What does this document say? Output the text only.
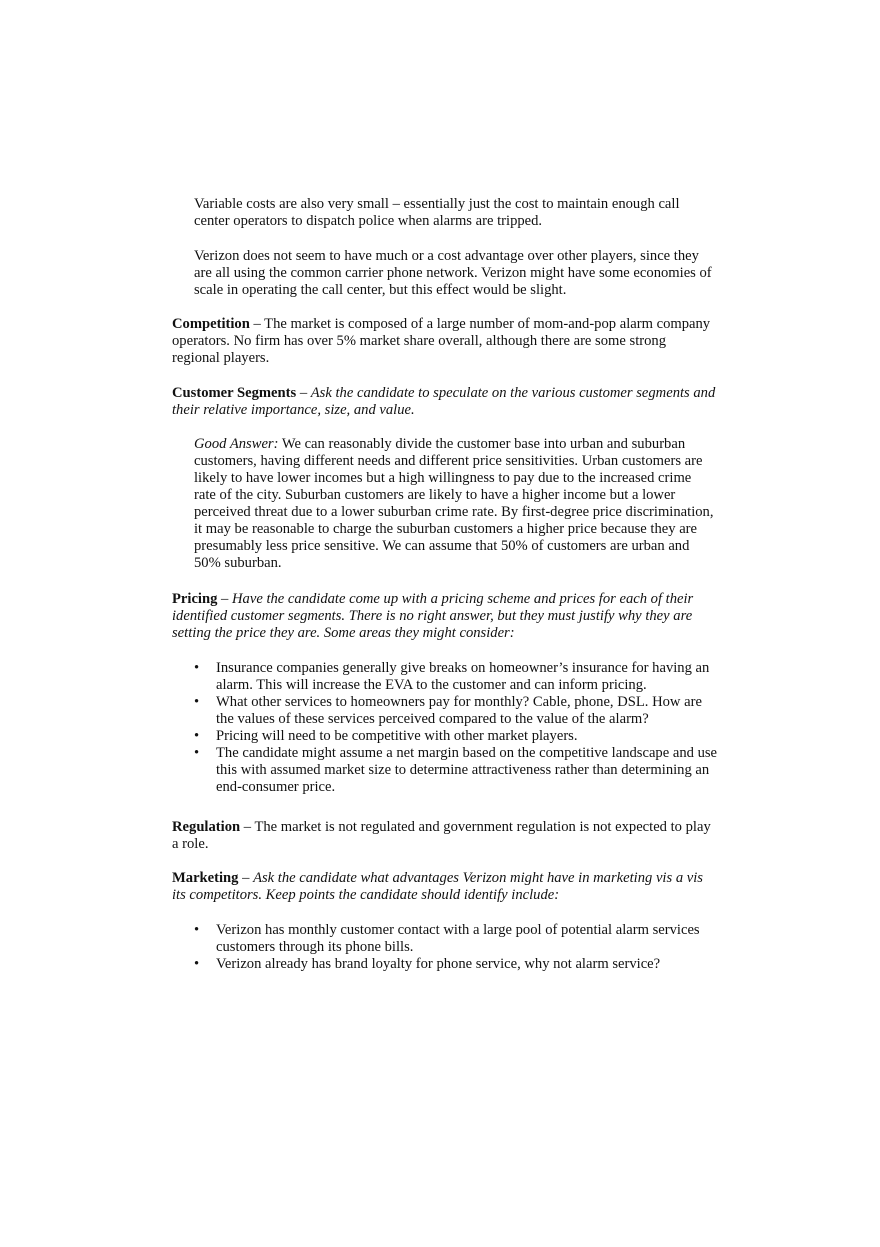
Variable costs are also very small – essentially just the cost to maintain enough call center operators to dispatch police when alarms are tripped.

Verizon does not seem to have much or a cost advantage over other players, since they are all using the common carrier phone network. Verizon might have some economies of scale in operating the call center, but this effect would be slight.

Competition – The market is composed of a large number of mom-and-pop alarm company operators. No firm has over 5% market share overall, although there are some strong regional players.

Customer Segments – Ask the candidate to speculate on the various customer segments and their relative importance, size, and value.

Good Answer: We can reasonably divide the customer base into urban and suburban customers, having different needs and different price sensitivities. Urban customers are likely to have lower incomes but a high willingness to pay due to the increased crime rate of the city. Suburban customers are likely to have a higher income but a lower perceived threat due to a lower suburban crime rate. By first-degree price discrimination, it may be reasonable to charge the suburban customers a higher price because they are presumably less price sensitive. We can assume that 50% of customers are urban and 50% suburban.

Pricing – Have the candidate come up with a pricing scheme and prices for each of their identified customer segments. There is no right answer, but they must justify why they are setting the price they are. Some areas they might consider:

• Insurance companies generally give breaks on homeowner’s insurance for having an alarm. This will increase the EVA to the customer and can inform pricing.
• What other services to homeowners pay for monthly? Cable, phone, DSL. How are the values of these services perceived compared to the value of the alarm?
• Pricing will need to be competitive with other market players.
• The candidate might assume a net margin based on the competitive landscape and use this with assumed market size to determine attractiveness rather than determining an end-consumer price.

Regulation – The market is not regulated and government regulation is not expected to play a role.

Marketing – Ask the candidate what advantages Verizon might have in marketing vis a vis its competitors. Keep points the candidate should identify include:

• Verizon has monthly customer contact with a large pool of potential alarm services customers through its phone bills.
• Verizon already has brand loyalty for phone service, why not alarm service?
